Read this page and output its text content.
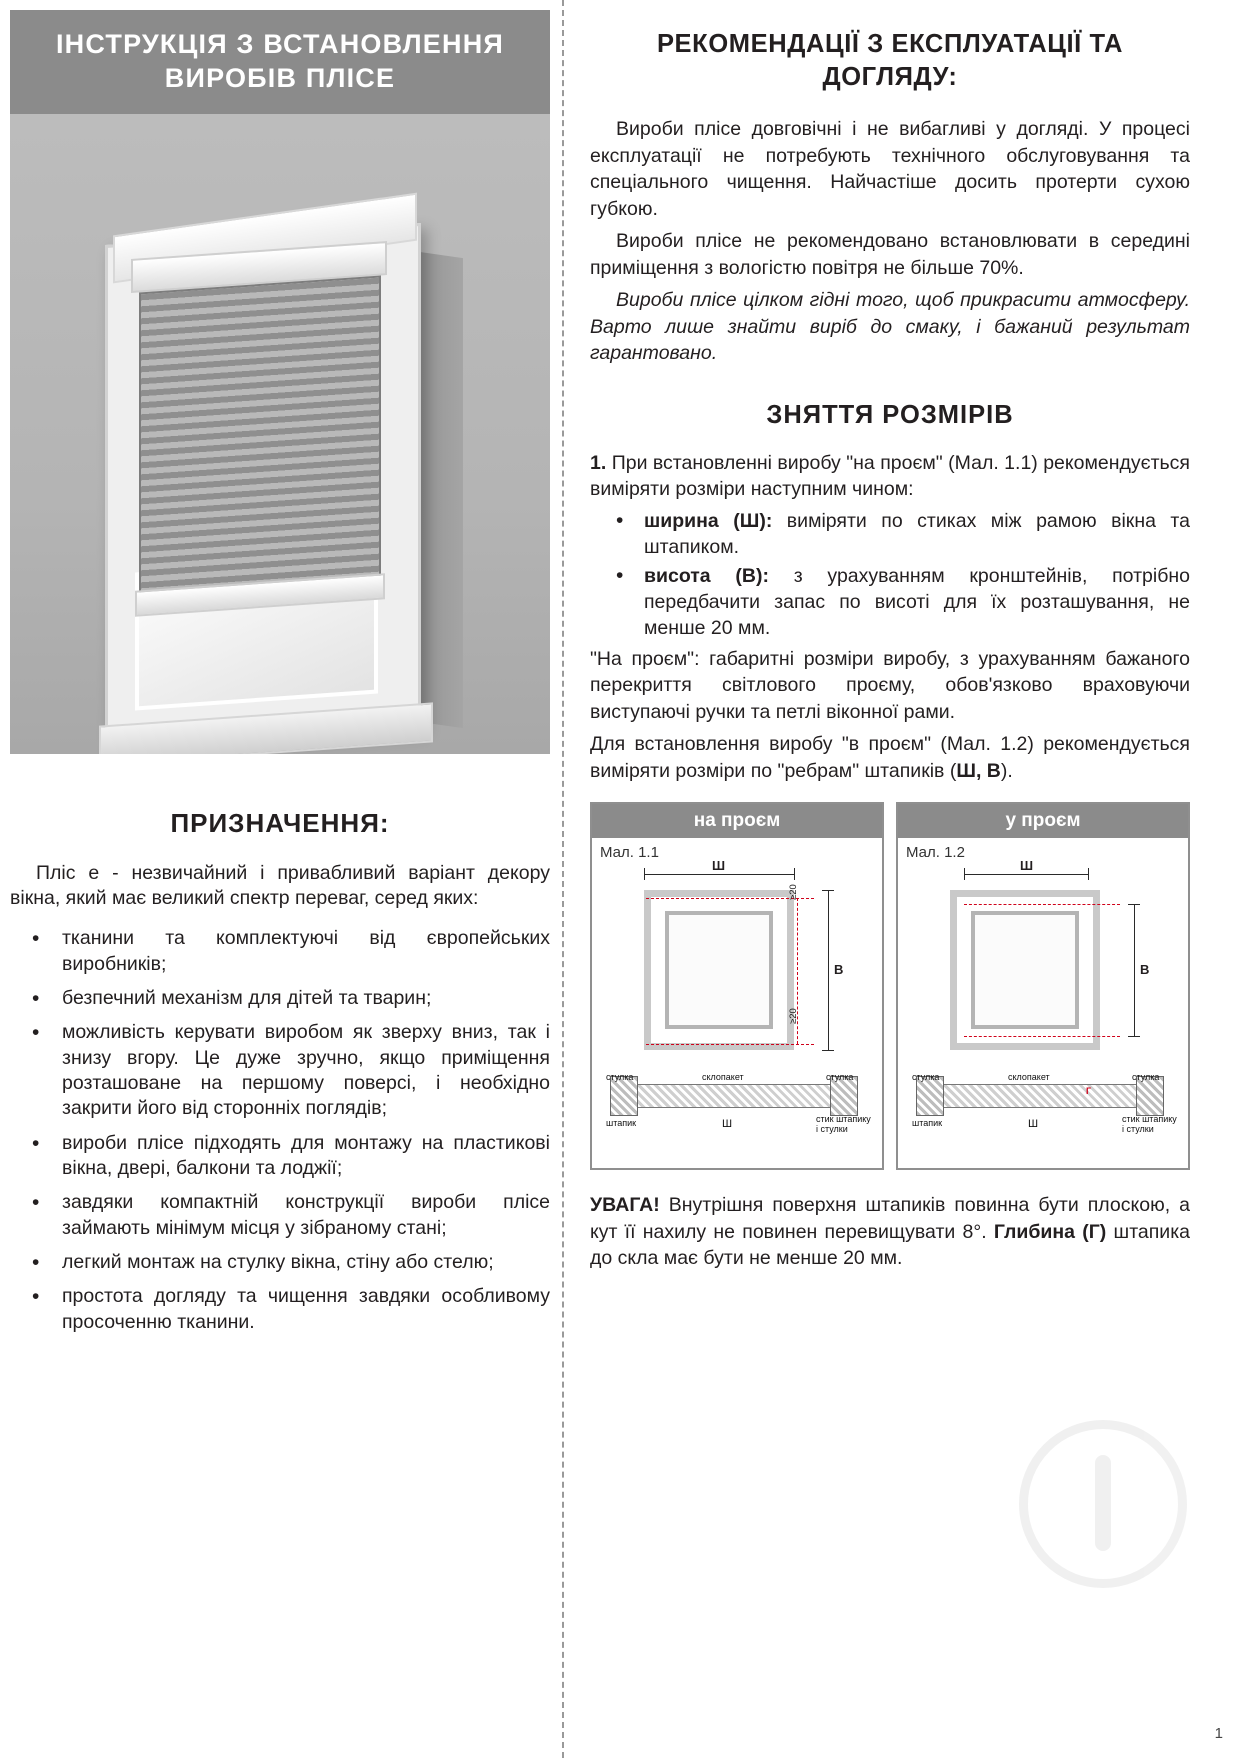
ІНСТРУКЦІЯ З ВСТАНОВЛЕННЯ ВИРОБІВ ПЛІСЕ
ПРИЗНАЧЕННЯ:

Пліс е - незвичайний і привабливий варіант декору вікна, який має великий спектр переваг, серед яких:

• тканини та комплектуючі від європейських виробників;
• безпечний механізм для дітей та тварин;
• можливість керувати виробом як зверху вниз, так і знизу вгору. Це дуже зручно, якщо приміщення розташоване на першому поверсі, і необхідно закрити його від сторонніх поглядів;
• вироби плісе підходять для монтажу на пластикові вікна, двері, балкони та лоджії;
• завдяки компактній конструкції вироби плісе займають мінімум місця у зібраному стані;
• легкий монтаж на стулку вікна, стіну або стелю;
• простота догляду та чищення завдяки особливому просоченню тканини.
РЕКОМЕНДАЦІЇ З ЕКСПЛУАТАЦІЇ ТА ДОГЛЯДУ:

Вироби плісе довговічні і не вибагливі у догляді. У процесі експлуатації не потребують технічного обслуговування та спеціального чищення. Найчастіше досить протерти сухою губкою.

Вироби плісе не рекомендовано встановлювати в середині приміщення з вологістю повітря не більше 70%.

Вироби плісе цілком гідні того, щоб прикрасити атмосферу. Варто лише знайти виріб до смаку, і бажаний результат гарантовано.

ЗНЯТТЯ РОЗМІРІВ

1. При встановленні виробу "на проєм" (Мал. 1.1) рекомендується виміряти розміри наступним чином:

• ширина (Ш): виміряти по стиках між рамою вікна та штапиком.
• висота (В): з урахуванням кронштейнів, потрібно передбачити запас по висоті для їх розташування, не менше 20 мм.

"На проєм": габаритні розміри виробу, з урахуванням бажаного перекриття світлового проєму, обов'язково враховуючи виступаючі ручки та петлі віконної рами.

Для встановлення виробу "в проєм" (Мал. 1.2) рекомендується виміряти розміри по "ребрам" штапиків (Ш, В).

на проєм
Мал. 1.1
Ш
В
≥20
≥20
штапик
стулка	склопакет	стулка
Ш	стик штапику і стулки
у проєм
Мал. 1.2
Ш
В
штапик
стулка	склопакет	стулка
Ш	стик штапику і стулки
Г

УВАГА! Внутрішня поверхня штапиків повинна бути плоскою, а кут її нахилу не повинен перевищувати 8°. Глибина (Г) штапика до скла має бути не менше 20 мм.

1
